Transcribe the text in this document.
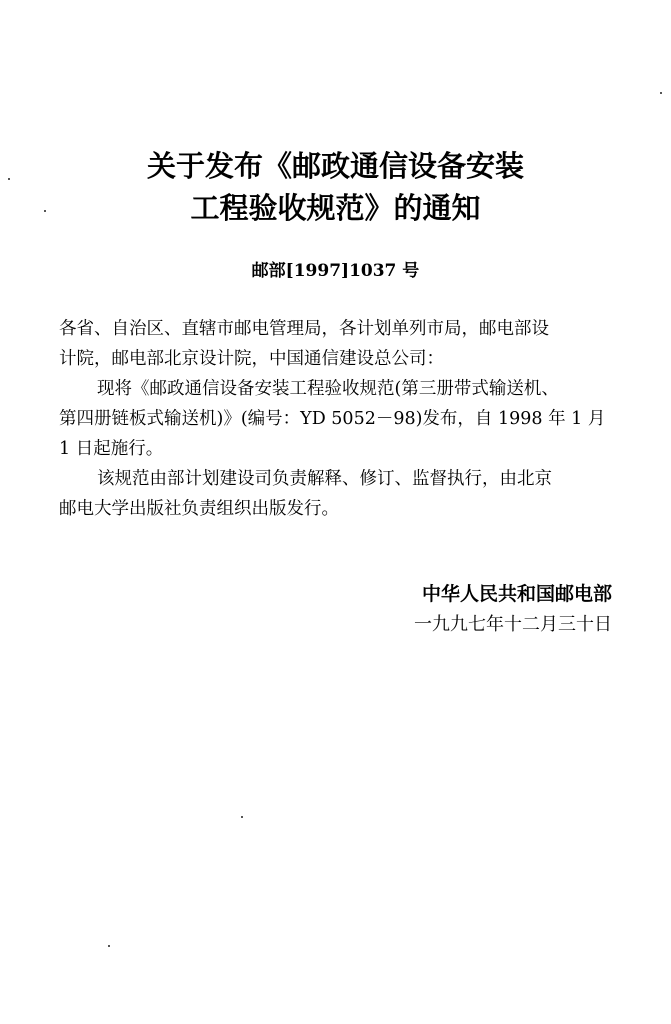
关于发布《邮政通信设备安装
工程验收规范》的通知
邮部[1997]1037 号
各省、自治区、直辖市邮电管理局，各计划单列市局，邮电部设
计院，邮电部北京设计院，中国通信建设总公司：
现将《邮政通信设备安装工程验收规范(第三册带式输送机、
第四册链板式输送机)》(编号：YD 5052－98)发布，自 1998 年 1 月
1 日起施行。
该规范由部计划建设司负责解释、修订、监督执行，由北京
邮电大学出版社负责组织出版发行。
中华人民共和国邮电部
一九九七年十二月三十日
